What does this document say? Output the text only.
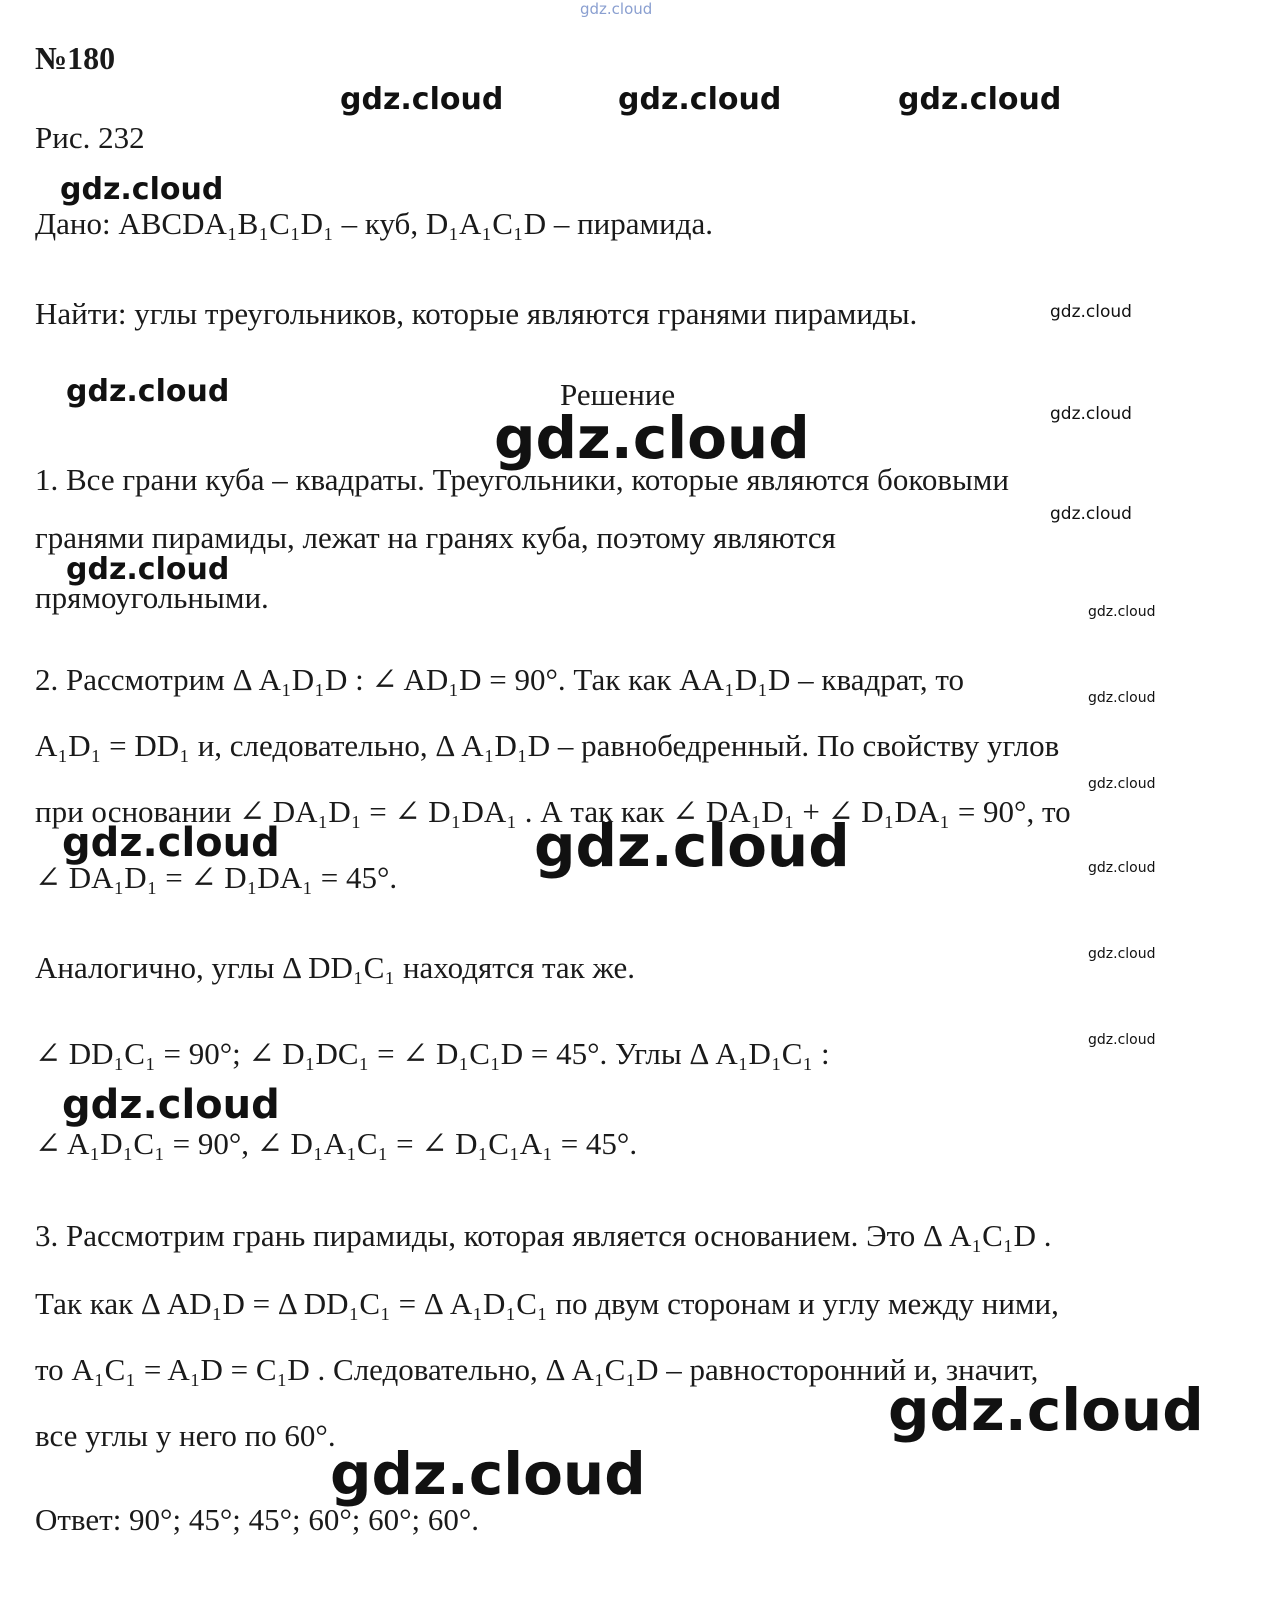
gdz.cloud
gdz.cloud	gdz.cloud	gdz.cloud
gdz.cloud
gdz.cloud
gdz.cloud
gdz.cloud
gdz.cloud
gdz.cloud
gdz.cloud
gdz.cloud
gdz.cloud
gdz.cloud
gdz.cloud	gdz.cloud	gdz.cloud
gdz.cloud
gdz.cloud
gdz.cloud
gdz.cloud
gdz.cloud
№180
Рис. 232
Дано: ABCDA₁B₁C₁D₁ – куб, D₁A₁C₁D – пирамида.
Найти: углы треугольников, которые являются гранями пирамиды.
Решение
1. Все грани куба – квадраты. Треугольники, которые являются боковыми
гранями пирамиды, лежат на гранях куба, поэтому являются
прямоугольными.
2. Рассмотрим Δ A₁D₁D : ∠ AD₁D = 90°. Так как AA₁D₁D – квадрат, то
A₁D₁ = DD₁ и, следовательно, Δ A₁D₁D – равнобедренный. По свойству углов
при основании ∠ DA₁D₁ = ∠ D₁DA₁ . А так как ∠ DA₁D₁ + ∠ D₁DA₁ = 90°, то
∠ DA₁D₁ = ∠ D₁DA₁ = 45°.
Аналогично, углы Δ DD₁C₁ находятся так же.
∠ DD₁C₁ = 90°; ∠ D₁DC₁ = ∠ D₁C₁D = 45°. Углы Δ A₁D₁C₁ :
∠ A₁D₁C₁ = 90°, ∠ D₁A₁C₁ = ∠ D₁C₁A₁ = 45°.
3. Рассмотрим грань пирамиды, которая является основанием. Это Δ A₁C₁D .
Так как Δ AD₁D = Δ DD₁C₁ = Δ A₁D₁C₁ по двум сторонам и углу между ними,
то A₁C₁ = A₁D = C₁D . Следовательно, Δ A₁C₁D – равносторонний и, значит,
все углы у него по 60°.
Ответ: 90°; 45°; 45°; 60°; 60°; 60°.
